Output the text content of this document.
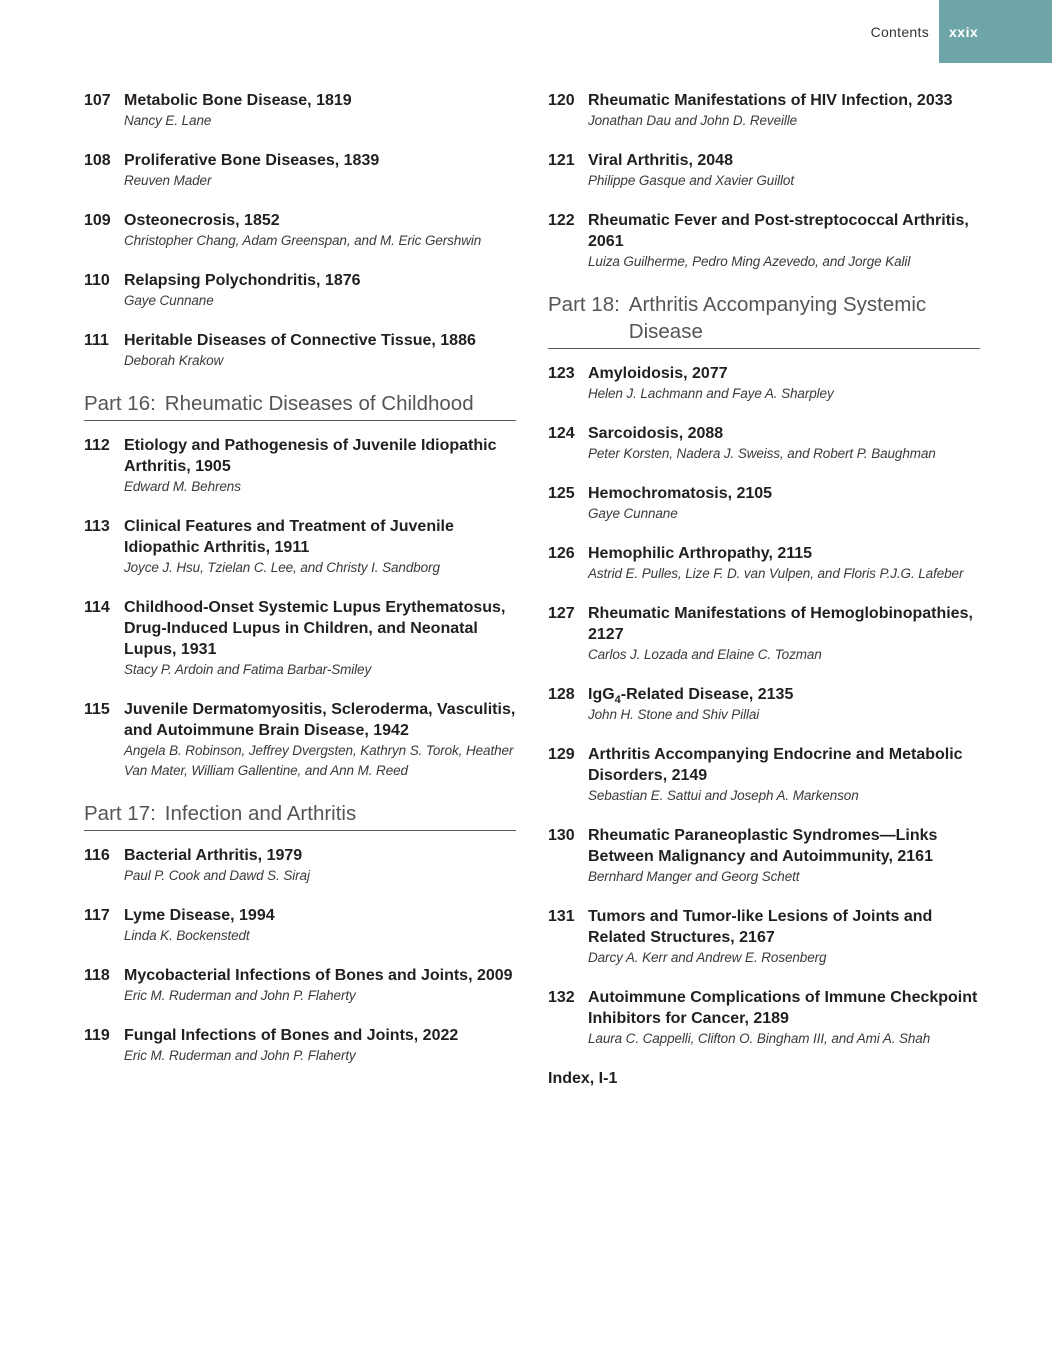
Contents xxix
107 Metabolic Bone Disease, 1819
Nancy E. Lane
108 Proliferative Bone Diseases, 1839
Reuven Mader
109 Osteonecrosis, 1852
Christopher Chang, Adam Greenspan, and M. Eric Gershwin
110 Relapsing Polychondritis, 1876
Gaye Cunnane
111 Heritable Diseases of Connective Tissue, 1886
Deborah Krakow
Part 16: Rheumatic Diseases of Childhood
112 Etiology and Pathogenesis of Juvenile Idiopathic Arthritis, 1905
Edward M. Behrens
113 Clinical Features and Treatment of Juvenile Idiopathic Arthritis, 1911
Joyce J. Hsu, Tzielan C. Lee, and Christy I. Sandborg
114 Childhood-Onset Systemic Lupus Erythematosus, Drug-Induced Lupus in Children, and Neonatal Lupus, 1931
Stacy P. Ardoin and Fatima Barbar-Smiley
115 Juvenile Dermatomyositis, Scleroderma, Vasculitis, and Autoimmune Brain Disease, 1942
Angela B. Robinson, Jeffrey Dvergsten, Kathryn S. Torok, Heather Van Mater, William Gallentine, and Ann M. Reed
Part 17: Infection and Arthritis
116 Bacterial Arthritis, 1979
Paul P. Cook and Dawd S. Siraj
117 Lyme Disease, 1994
Linda K. Bockenstedt
118 Mycobacterial Infections of Bones and Joints, 2009
Eric M. Ruderman and John P. Flaherty
119 Fungal Infections of Bones and Joints, 2022
Eric M. Ruderman and John P. Flaherty
120 Rheumatic Manifestations of HIV Infection, 2033
Jonathan Dau and John D. Reveille
121 Viral Arthritis, 2048
Philippe Gasque and Xavier Guillot
122 Rheumatic Fever and Post-streptococcal Arthritis, 2061
Luiza Guilherme, Pedro Ming Azevedo, and Jorge Kalil
Part 18: Arthritis Accompanying Systemic Disease
123 Amyloidosis, 2077
Helen J. Lachmann and Faye A. Sharpley
124 Sarcoidosis, 2088
Peter Korsten, Nadera J. Sweiss, and Robert P. Baughman
125 Hemochromatosis, 2105
Gaye Cunnane
126 Hemophilic Arthropathy, 2115
Astrid E. Pulles, Lize F. D. van Vulpen, and Floris P.J.G. Lafeber
127 Rheumatic Manifestations of Hemoglobinopathies, 2127
Carlos J. Lozada and Elaine C. Tozman
128 IgG$_4$-Related Disease, 2135
John H. Stone and Shiv Pillai
129 Arthritis Accompanying Endocrine and Metabolic Disorders, 2149
Sebastian E. Sattui and Joseph A. Markenson
130 Rheumatic Paraneoplastic Syndromes—Links Between Malignancy and Autoimmunity, 2161
Bernhard Manger and Georg Schett
131 Tumors and Tumor-like Lesions of Joints and Related Structures, 2167
Darcy A. Kerr and Andrew E. Rosenberg
132 Autoimmune Complications of Immune Checkpoint Inhibitors for Cancer, 2189
Laura C. Cappelli, Clifton O. Bingham III, and Ami A. Shah
Index, I-1
